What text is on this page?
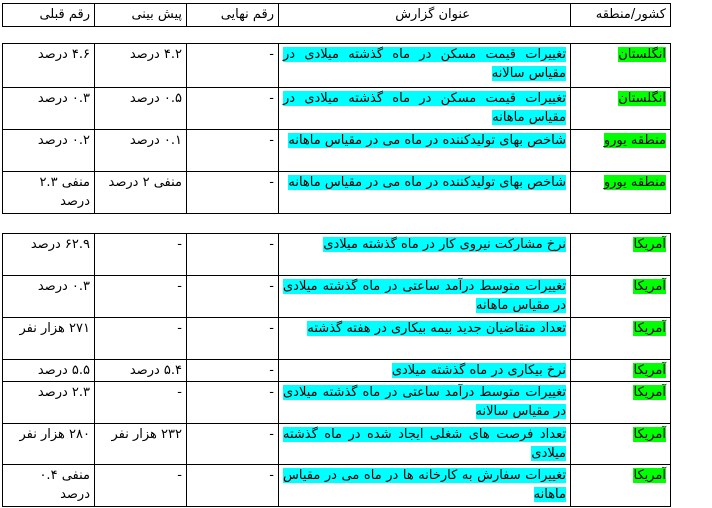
کشور/منطقه	عنوان گزارش	رقم نهایی	پیش بینی	رقم قبلی
انگلستان	تغییرات قیمت مسکن در ماه گذشته میلادی در مقیاس سالانه	-	۴.۲ درصد	۴.۶ درصد
انگلستان	تغییرات قیمت مسکن در ماه گذشته میلادی در مقیاس ماهانه	-	۰.۵ درصد	۰.۳ درصد
منطقه یورو	شاخص بهای تولیدکننده در ماه می در مقیاس ماهانه	-	۰.۱ درصد	۰.۲ درصد
منطقه یورو	شاخص بهای تولیدکننده در ماه می در مقیاس ماهانه	-	منفی ۲ درصد	منفی ۲.۳ درصد
آمریکا	نرخ مشارکت نیروی کار در ماه گذشته میلادی	-	-	۶۲.۹ درصد
آمریکا	تغییرات متوسط درآمد ساعتی در ماه گذشته میلادی در مقیاس ماهانه	-	-	۰.۳ درصد
آمریکا	تعداد متقاضیان جدید بیمه بیکاری در هفته گذشته	-	-	۲۷۱ هزار نفر
آمریکا	نرخ بیکاری در ماه گذشته میلادی	-	۵.۴ درصد	۵.۵ درصد
آمریکا	تغییرات متوسط درآمد ساعتی در ماه گذشته میلادی در مقیاس سالانه	-	-	۲.۳ درصد
آمریکا	تعداد فرصت های شغلی ایجاد شده در ماه گذشته میلادی	-	۲۳۲ هزار نفر	۲۸۰ هزار نفر
آمریکا	تغییرات سفارش به کارخانه ها در ماه می در مقیاس ماهانه	-	-	منفی ۰.۴ درصد
